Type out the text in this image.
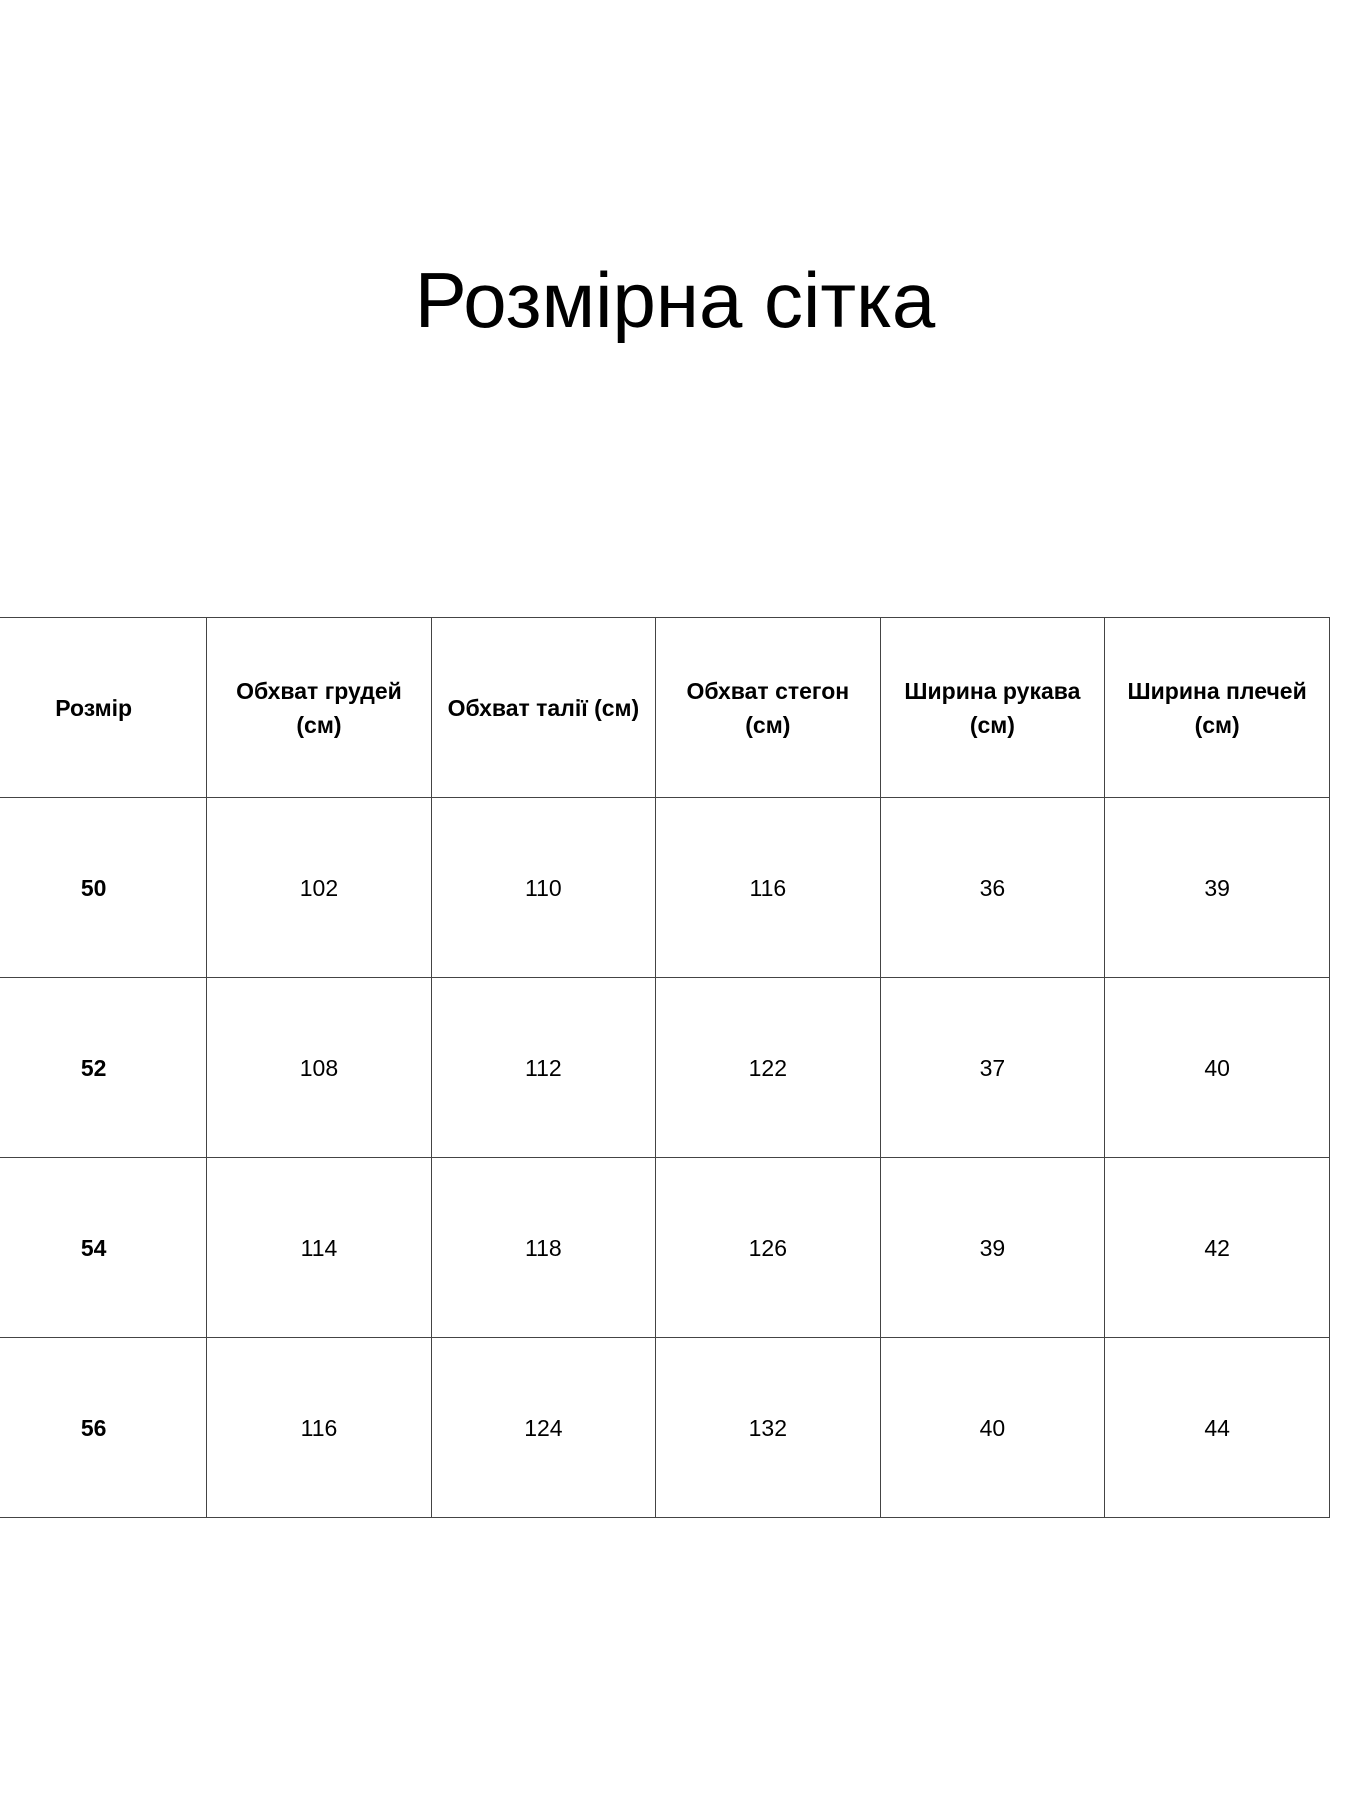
Розмірна сітка
Розмір	Обхват грудей (см)	Обхват талії (см)	Обхват стегон (см)	Ширина рукава (см)	Ширина плечей (см)
50	102	110	116	36	39
52	108	112	122	37	40
54	114	118	126	39	42
56	116	124	132	40	44
